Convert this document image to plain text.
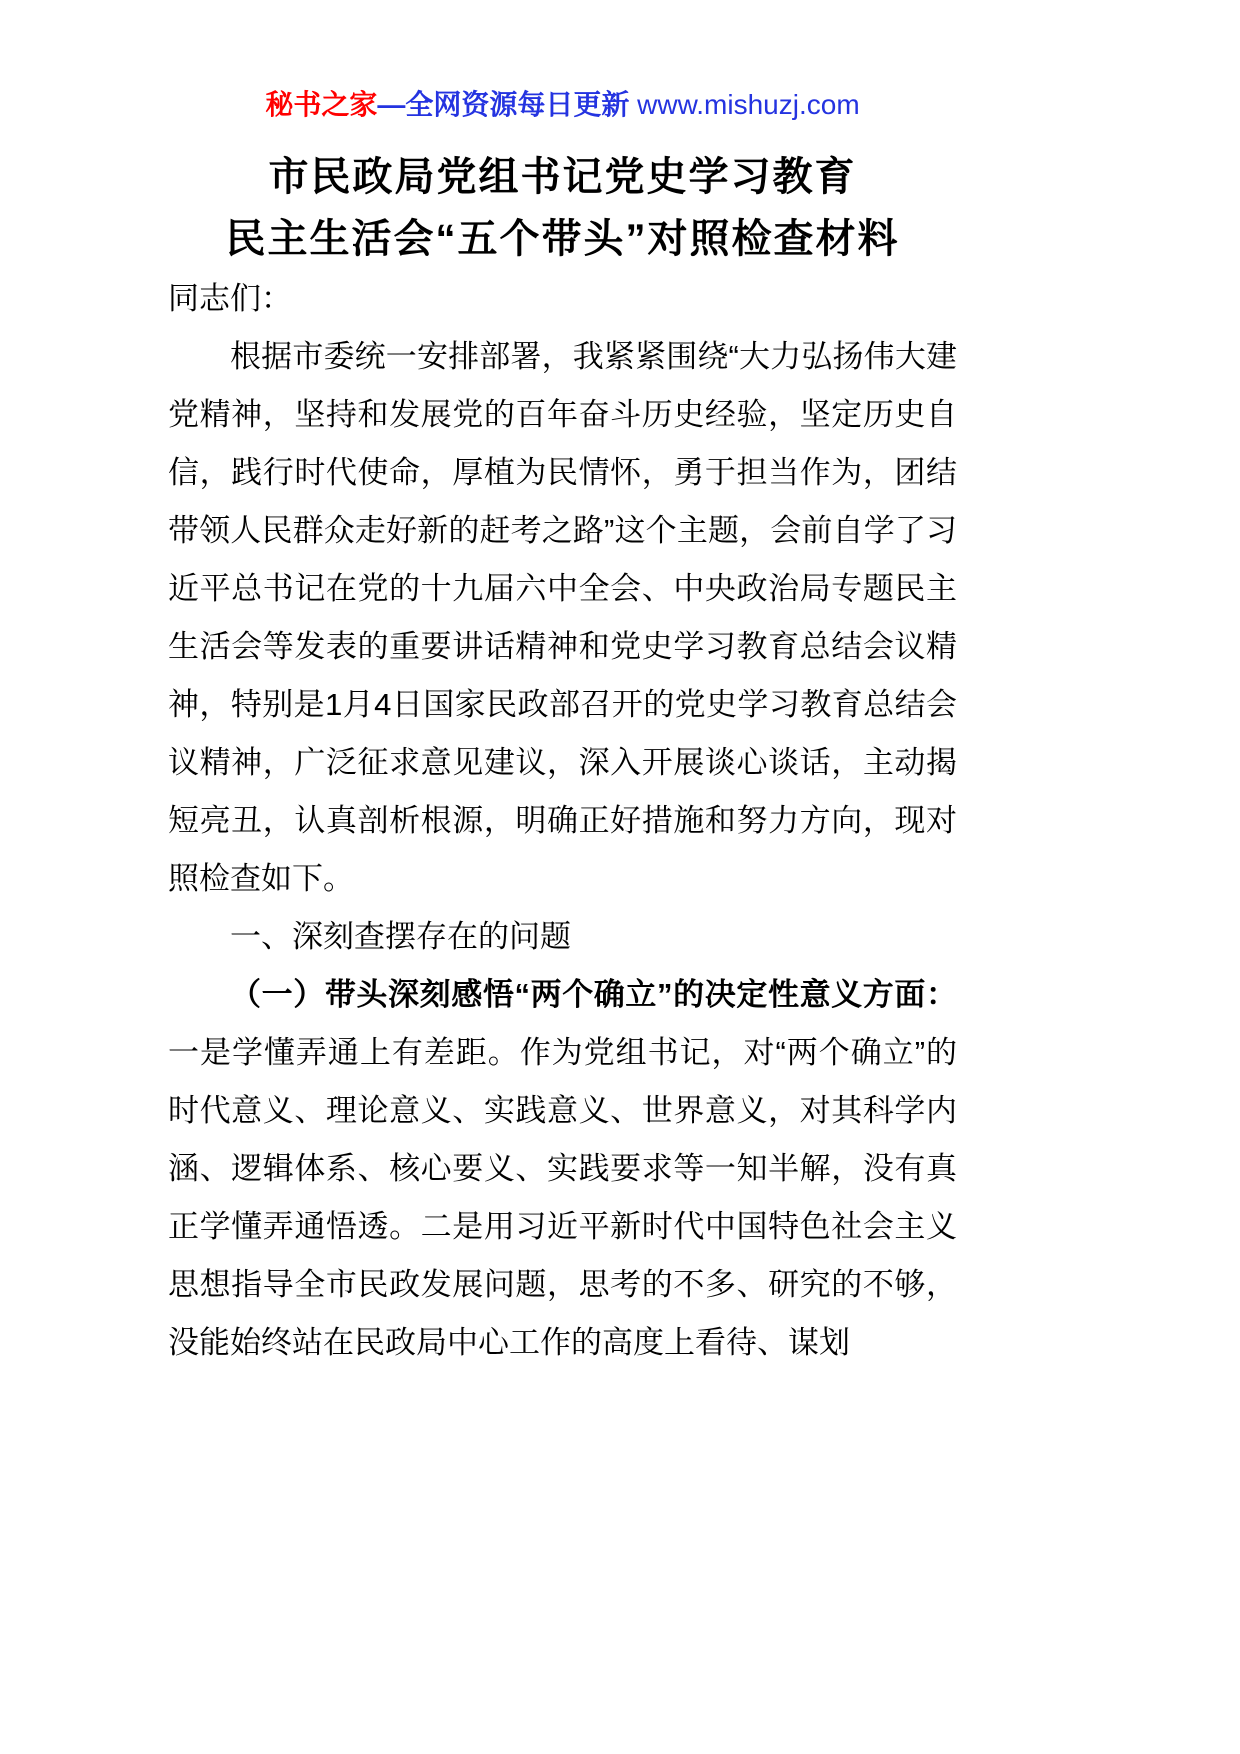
秘书之家—全网资源每日更新 www.mishuzj.com
市民政局党组书记党史学习教育
民主生活会“五个带头”对照检查材料

同志们：

根据市委统一安排部署，我紧紧围绕“大力弘扬伟大建党精神，坚持和发展党的百年奋斗历史经验，坚定历史自信，践行时代使命，厚植为民情怀，勇于担当作为，团结带领人民群众走好新的赶考之路”这个主题，会前自学了习近平总书记在党的十九届六中全会、中央政治局专题民主生活会等发表的重要讲话精神和党史学习教育总结会议精神，特别是1月4日国家民政部召开的党史学习教育总结会议精神，广泛征求意见建议，深入开展谈心谈话，主动揭短亮丑，认真剖析根源，明确正好措施和努力方向，现对照检查如下。

一、深刻查摆存在的问题

（一）带头深刻感悟“两个确立”的决定性意义方面：一是学懂弄通上有差距。作为党组书记，对“两个确立”的时代意义、理论意义、实践意义、世界意义，对其科学内涵、逻辑体系、核心要义、实践要求等一知半解，没有真正学懂弄通悟透。二是用习近平新时代中国特色社会主义思想指导全市民政发展问题，思考的不多、研究的不够，没能始终站在民政局中心工作的高度上看待、谋划
